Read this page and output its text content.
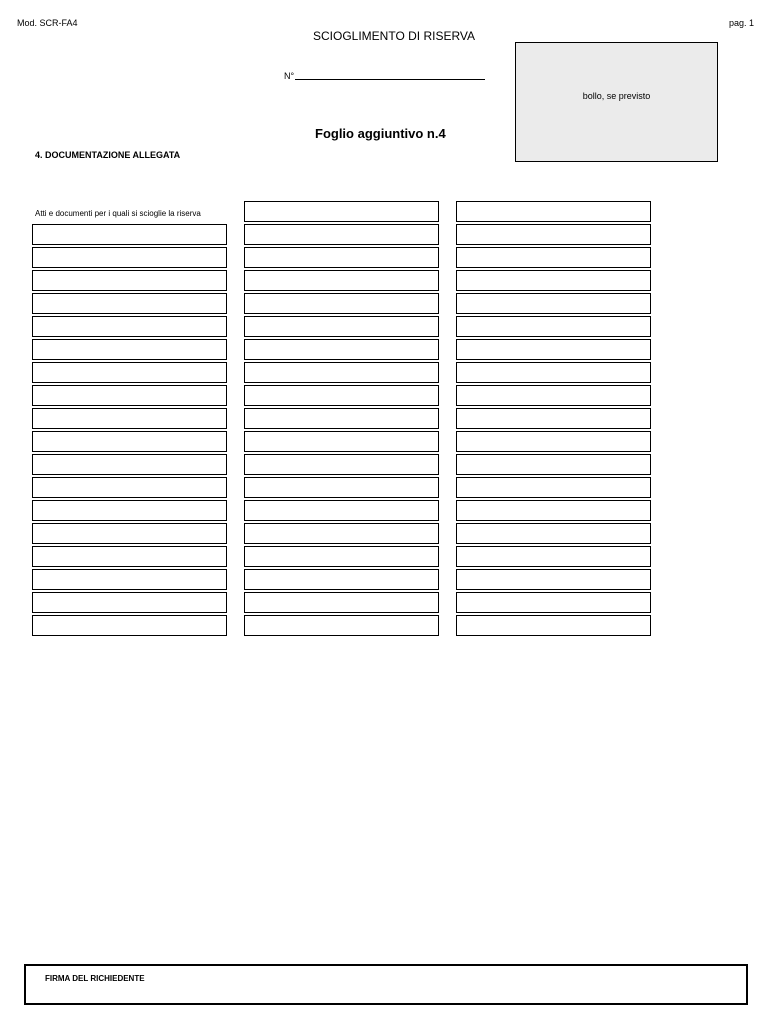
Mod. SCR-FA4	pag. 1
SCIOGLIMENTO DI RISERVA
N°
bollo, se previsto
Foglio aggiuntivo n.4
4. DOCUMENTAZIONE ALLEGATA
Atti e documenti per i quali si scioglie la riserva
FIRMA DEL RICHIEDENTE
